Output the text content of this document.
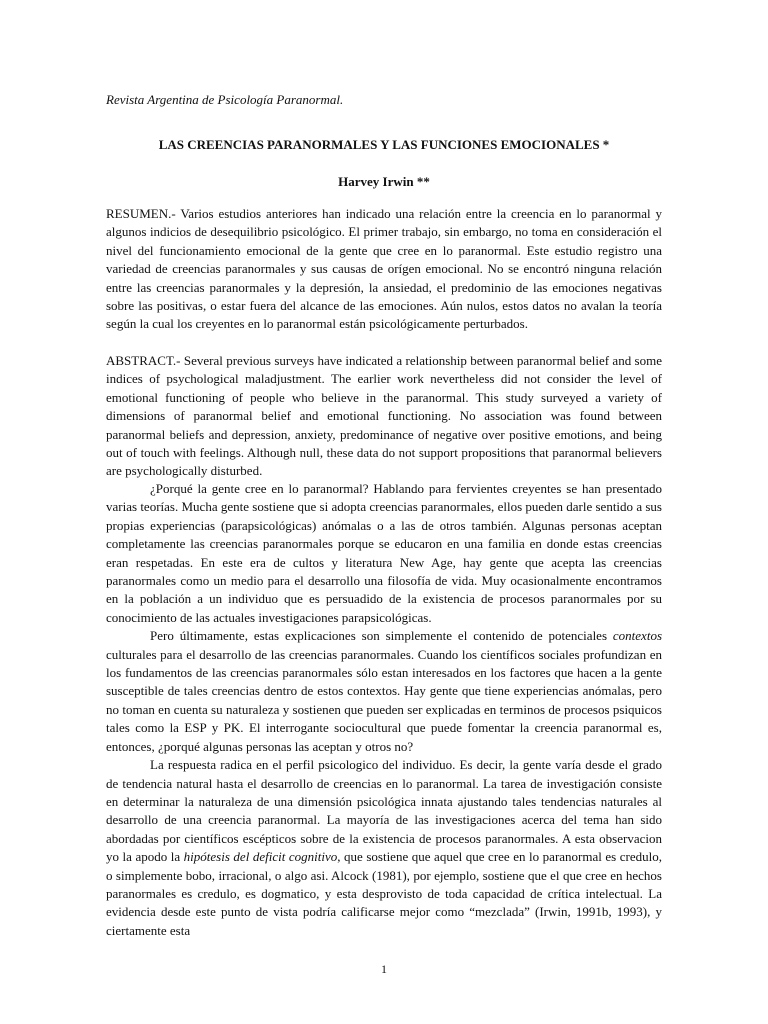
Revista Argentina de Psicología Paranormal.

LAS CREENCIAS PARANORMALES Y LAS FUNCIONES EMOCIONALES *

Harvey Irwin **

RESUMEN.- Varios estudios anteriores han indicado una relación entre la creencia en lo paranormal y algunos indicios de desequilibrio psicológico. El primer trabajo, sin embargo, no toma en consideración el nivel del funcionamiento emocional de la gente que cree en lo paranormal. Este estudio registro una variedad de creencias paranormales y sus causas de orígen emocional. No se encontró ninguna relación entre las creencias paranormales y la depresión, la ansiedad, el predominio de las emociones negativas sobre las positivas, o estar fuera del alcance de las emociones. Aún nulos, estos datos no avalan la teoría según la cual los creyentes en lo paranormal están psicológicamente perturbados.

ABSTRACT.- Several previous surveys have indicated a relationship between paranormal belief and some indices of psychological maladjustment. The earlier work nevertheless did not consider the level of emotional functioning of people who believe in the paranormal. This study surveyed a variety of dimensions of paranormal belief and emotional functioning. No association was found between paranormal beliefs and depression, anxiety, predominance of negative over positive emotions, and being out of touch with feelings. Although null, these data do not support propositions that paranormal believers are psychologically disturbed.

¿Porqué la gente cree en lo paranormal? Hablando para fervientes creyentes se han presentado varias teorías. Mucha gente sostiene que si adopta creencias paranormales, ellos pueden darle sentido a sus propias experiencias (parapsicológicas) anómalas o a las de otros también. Algunas personas aceptan completamente las creencias paranormales porque se educaron en una familia en donde estas creencias eran respetadas. En este era de cultos y literatura New Age, hay gente que acepta las creencias paranormales como un medio para el desarrollo una filosofía de vida. Muy ocasionalmente encontramos en la población a un individuo que es persuadido de la existencia de procesos paranormales por su conocimiento de las actuales investigaciones parapsicológicas.

Pero últimamente, estas explicaciones son simplemente el contenido de potenciales contextos culturales para el desarrollo de las creencias paranormales. Cuando los científicos sociales profundizan en los fundamentos de las creencias paranormales sólo estan interesados en los factores que hacen a la gente susceptible de tales creencias dentro de estos contextos. Hay gente que tiene experiencias anómalas, pero no toman en cuenta su naturaleza y sostienen que pueden ser explicadas en terminos de procesos psiquicos tales como la ESP y PK. El interrogante sociocultural que puede fomentar la creencia paranormal es, entonces, ¿porqué algunas personas las aceptan y otros no?

La respuesta radica en el perfil psicologico del individuo. Es decir, la gente varía desde el grado de tendencia natural hasta el desarrollo de creencias en lo paranormal. La tarea de investigación consiste en determinar la naturaleza de una dimensión psicológica innata ajustando tales tendencias naturales al desarrollo de una creencia paranormal. La mayoría de las investigaciones acerca del tema han sido abordadas por científicos escépticos sobre de la existencia de procesos paranormales. A esta observacion yo la apodo la hipótesis del deficit cognitivo, que sostiene que aquel que cree en lo paranormal es credulo, o simplemente bobo, irracional, o algo asi. Alcock (1981), por ejemplo, sostiene que el que cree en hechos paranormales es credulo, es dogmatico, y esta desprovisto de toda capacidad de crítica intelectual. La evidencia desde este punto de vista podría calificarse mejor como “mezclada” (Irwin, 1991b, 1993), y ciertamente esta

1
